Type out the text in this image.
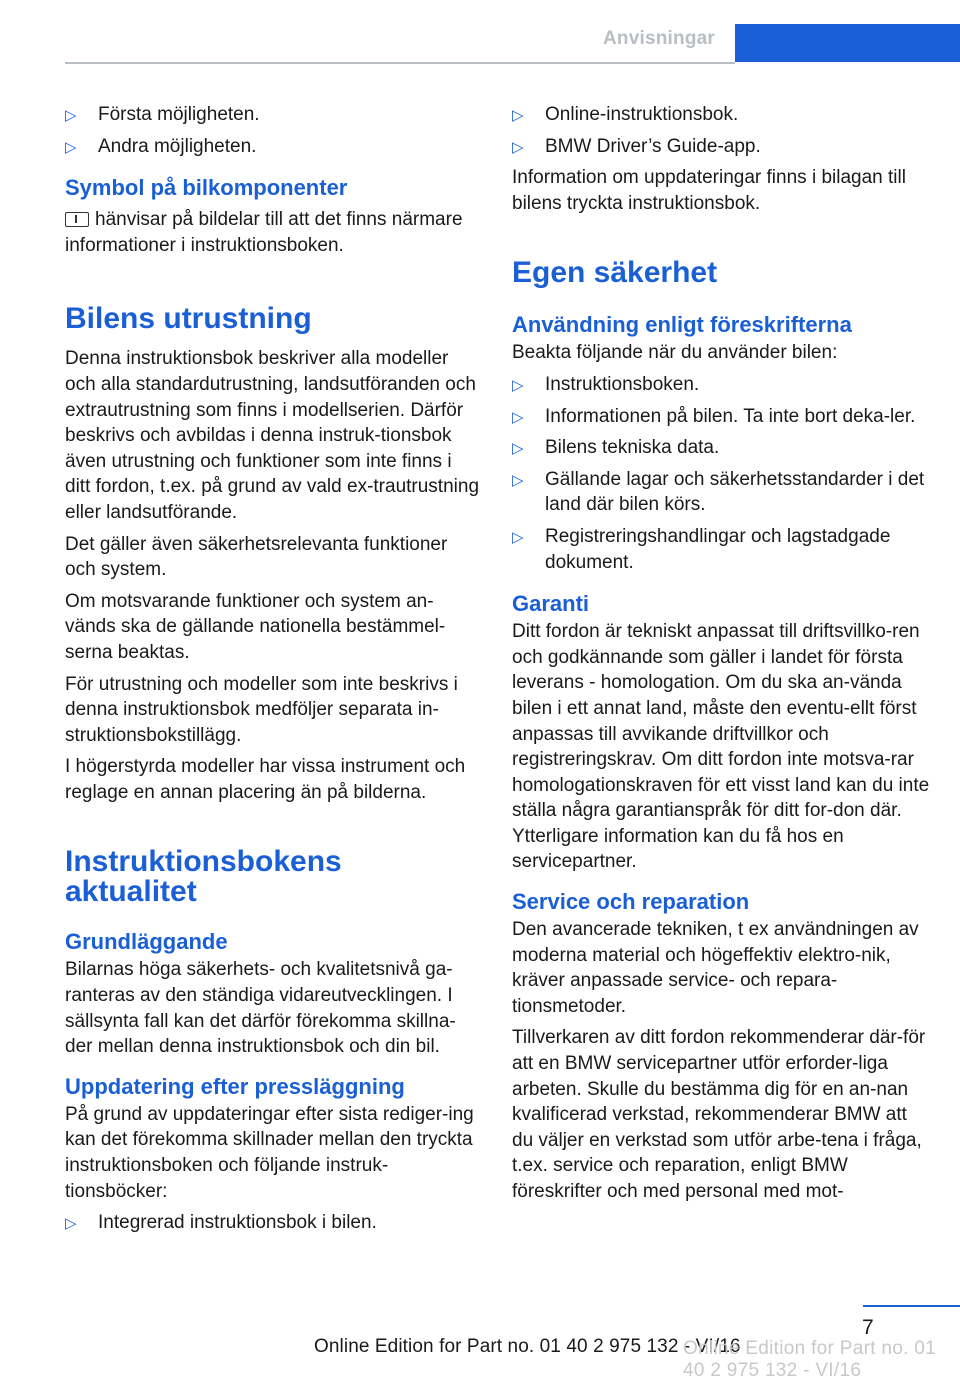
Anvisningar
▷ Första möjligheten.
▷ Andra möjligheten.
Symbol på bilkomponenter

hänvisar på bildelar till att det finns närmare informationer i instruktionsboken.

Bilens utrustning

Denna instruktionsbok beskriver alla modeller och alla standardutrustning, landsutföranden och extrautrustning som finns i modellserien. Därför beskrivs och avbildas i denna instruk‐tionsbok även utrustning och funktioner som inte finns i ditt fordon, t.ex. på grund av vald ex‐trautrustning eller landsutförande.

Det gäller även säkerhetsrelevanta funktioner och system.

Om motsvarande funktioner och system an‐vänds ska de gällande nationella bestämmel‐serna beaktas.

För utrustning och modeller som inte beskrivs i denna instruktionsbok medföljer separata in‐struktionsbokstillägg.

I högerstyrda modeller har vissa instrument och reglage en annan placering än på bilderna.

Instruktionsbokens
aktualitet
Grundläggande

Bilarnas höga säkerhets- och kvalitetsnivå ga‐ranteras av den ständiga vidareutvecklingen. I sällsynta fall kan det därför förekomma skillna‐der mellan denna instruktionsbok och din bil.

Uppdatering efter pressläggning

På grund av uppdateringar efter sista rediger‐ing kan det förekomma skillnader mellan den tryckta instruktionsboken och följande instruk‐tionsböcker:

▷ Integrerad instruktionsbok i bilen.
▷ Online-instruktionsbok.
▷ BMW Driver’s Guide-app.

Information om uppdateringar finns i bilagan till bilens tryckta instruktionsbok.

Egen säkerhet
Användning enligt föreskrifterna

Beakta följande när du använder bilen:

▷ Instruktionsboken.
▷ Informationen på bilen. Ta inte bort deka‐ler.
▷ Bilens tekniska data.
▷ Gällande lagar och säkerhetsstandarder i det land där bilen körs.
▷ Registreringshandlingar och lagstadgade dokument.
Garanti

Ditt fordon är tekniskt anpassat till driftsvillko‐ren och godkännande som gäller i landet för första leverans - homologation. Om du ska an‐vända bilen i ett annat land, måste den eventu‐ellt först anpassas till avvikande driftvillkor och registreringskrav. Om ditt fordon inte motsva‐rar homologationskraven för ett visst land kan du inte ställa några garantianspråk för ditt for‐don där. Ytterligare information kan du få hos en servicepartner.

Service och reparation

Den avancerade tekniken, t ex användningen av moderna material och högeffektiv elektro‐nik, kräver anpassade service- och repara‐tionsmetoder.

Tillverkaren av ditt fordon rekommenderar där‐för att en BMW servicepartner utför erforder‐liga arbeten. Skulle du bestämma dig för en an‐nan kvalificerad verkstad, rekommenderar BMW att du väljer en verkstad som utför arbe‐tena i fråga, t.ex. service och reparation, enligt BMW föreskrifter och med personal med mot‐

7
Online Edition for Part no. 01 40 2 975 132 - VI/16
Online Edition for Part no. 01 40 2 975 132 - VI/16
